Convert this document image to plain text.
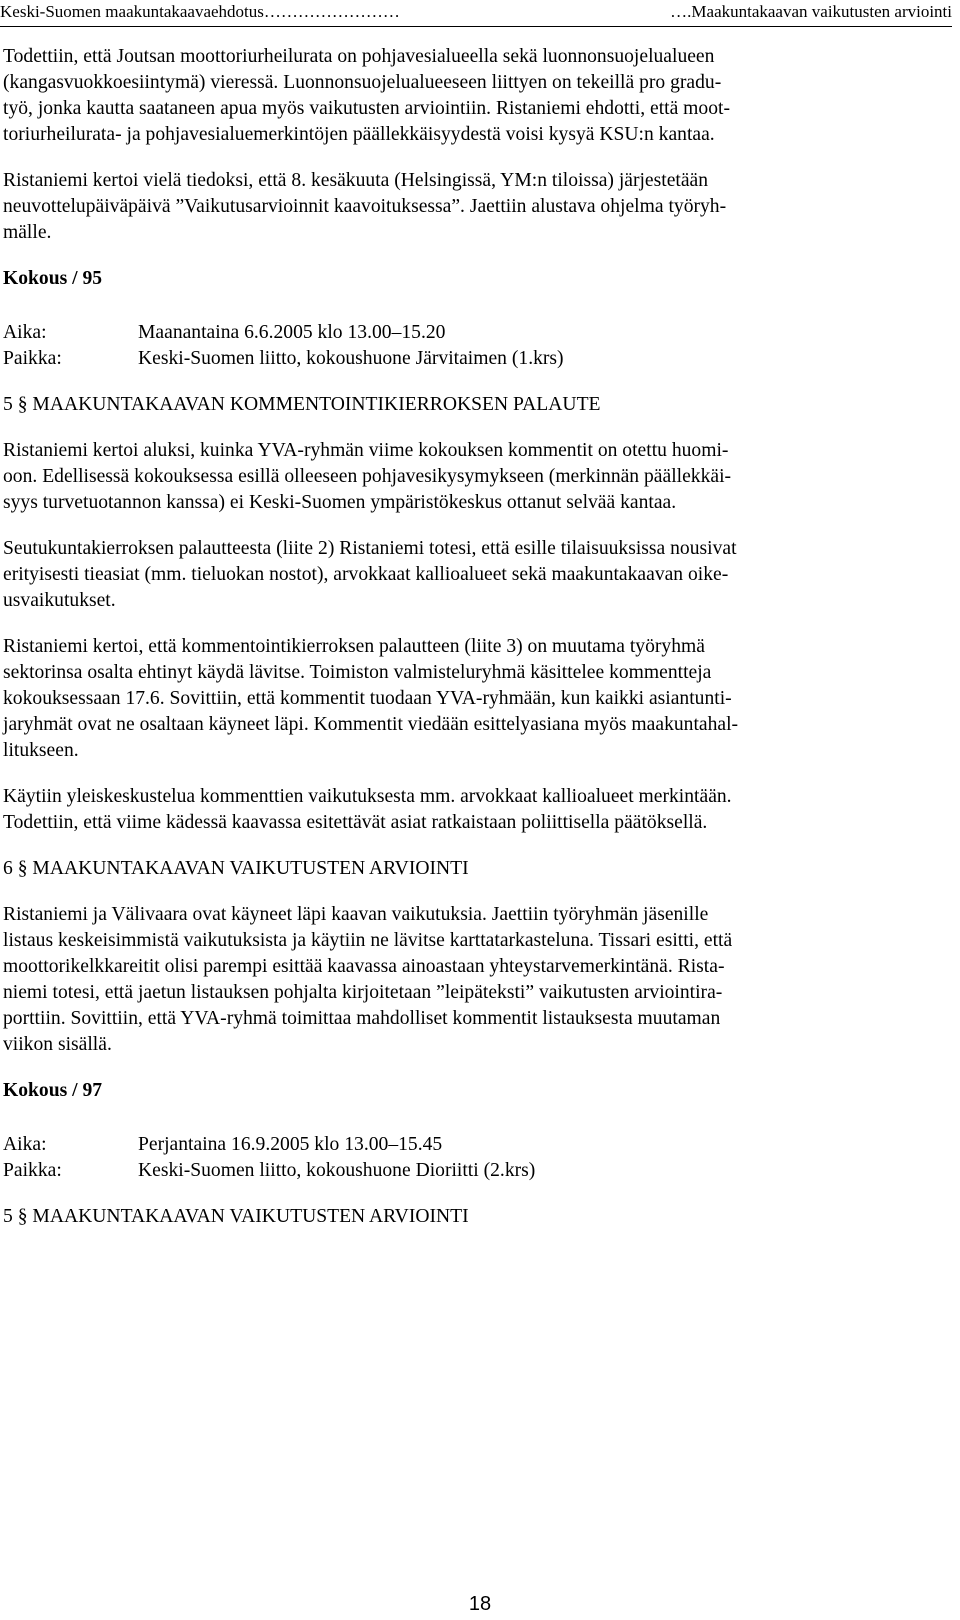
Keski-Suomen maakuntakaavaehdotus……………………	….Maakuntakaavan vaikutusten arviointi

Todettiin, että Joutsan moottoriurheilurata on pohjavesialueella sekä luonnonsuojelualueen
(kangasvuokkoesiintymä) vieressä. Luonnonsuojelualueeseen liittyen on tekeillä pro gradu-
työ, jonka kautta saataneen apua myös vaikutusten arviointiin. Ristaniemi ehdotti, että moot-
toriurheilurata- ja pohjavesialuemerkintöjen päällekkäisyydestä voisi kysyä KSU:n kantaa.

Ristaniemi kertoi vielä tiedoksi, että 8. kesäkuuta (Helsingissä, YM:n tiloissa) järjestetään
neuvottelupäiväpäivä ”Vaikutusarvioinnit kaavoituksessa”. Jaettiin alustava ohjelma työryh-
mälle.

Kokous / 95
Aika:	Maanantaina 6.6.2005 klo 13.00–15.20
Paikka:	Keski-Suomen liitto, kokoushuone Järvitaimen (1.krs)
5 § MAAKUNTAKAAVAN KOMMENTOINTIKIERROKSEN PALAUTE

Ristaniemi kertoi aluksi, kuinka YVA-ryhmän viime kokouksen kommentit on otettu huomi-
oon. Edellisessä kokouksessa esillä olleeseen pohjavesikysymykseen (merkinnän päällekkäi-
syys turvetuotannon kanssa) ei Keski-Suomen ympäristökeskus ottanut selvää kantaa.

Seutukuntakierroksen palautteesta (liite 2) Ristaniemi totesi, että esille tilaisuuksissa nousivat
erityisesti tieasiat (mm. tieluokan nostot), arvokkaat kallioalueet sekä maakuntakaavan oike-
usvaikutukset.

Ristaniemi kertoi, että kommentointikierroksen palautteen (liite 3) on muutama työryhmä
sektorinsa osalta ehtinyt käydä lävitse. Toimiston valmisteluryhmä käsittelee kommentteja
kokouksessaan 17.6. Sovittiin, että kommentit tuodaan YVA-ryhmään, kun kaikki asiantunti-
jaryhmät ovat ne osaltaan käyneet läpi. Kommentit viedään esittelyasiana myös maakuntahal-
litukseen.

Käytiin yleiskeskustelua kommenttien vaikutuksesta mm. arvokkaat kallioalueet merkintään.
Todettiin, että viime kädessä kaavassa esitettävät asiat ratkaistaan poliittisella päätöksellä.

6 § MAAKUNTAKAAVAN VAIKUTUSTEN ARVIOINTI

Ristaniemi ja Välivaara ovat käyneet läpi kaavan vaikutuksia. Jaettiin työryhmän jäsenille
listaus keskeisimmistä vaikutuksista ja käytiin ne lävitse karttatarkasteluna. Tissari esitti, että
moottorikelkkareitit olisi parempi esittää kaavassa ainoastaan yhteystarvemerkintänä. Rista-
niemi totesi, että jaetun listauksen pohjalta kirjoitetaan ”leipäteksti” vaikutusten arviointira-
porttiin. Sovittiin, että YVA-ryhmä toimittaa mahdolliset kommentit listauksesta muutaman
viikon sisällä.

Kokous / 97
Aika:	Perjantaina 16.9.2005 klo 13.00–15.45
Paikka:	Keski-Suomen liitto, kokoushuone Dioriitti (2.krs)
5 § MAAKUNTAKAAVAN VAIKUTUSTEN ARVIOINTI
18
